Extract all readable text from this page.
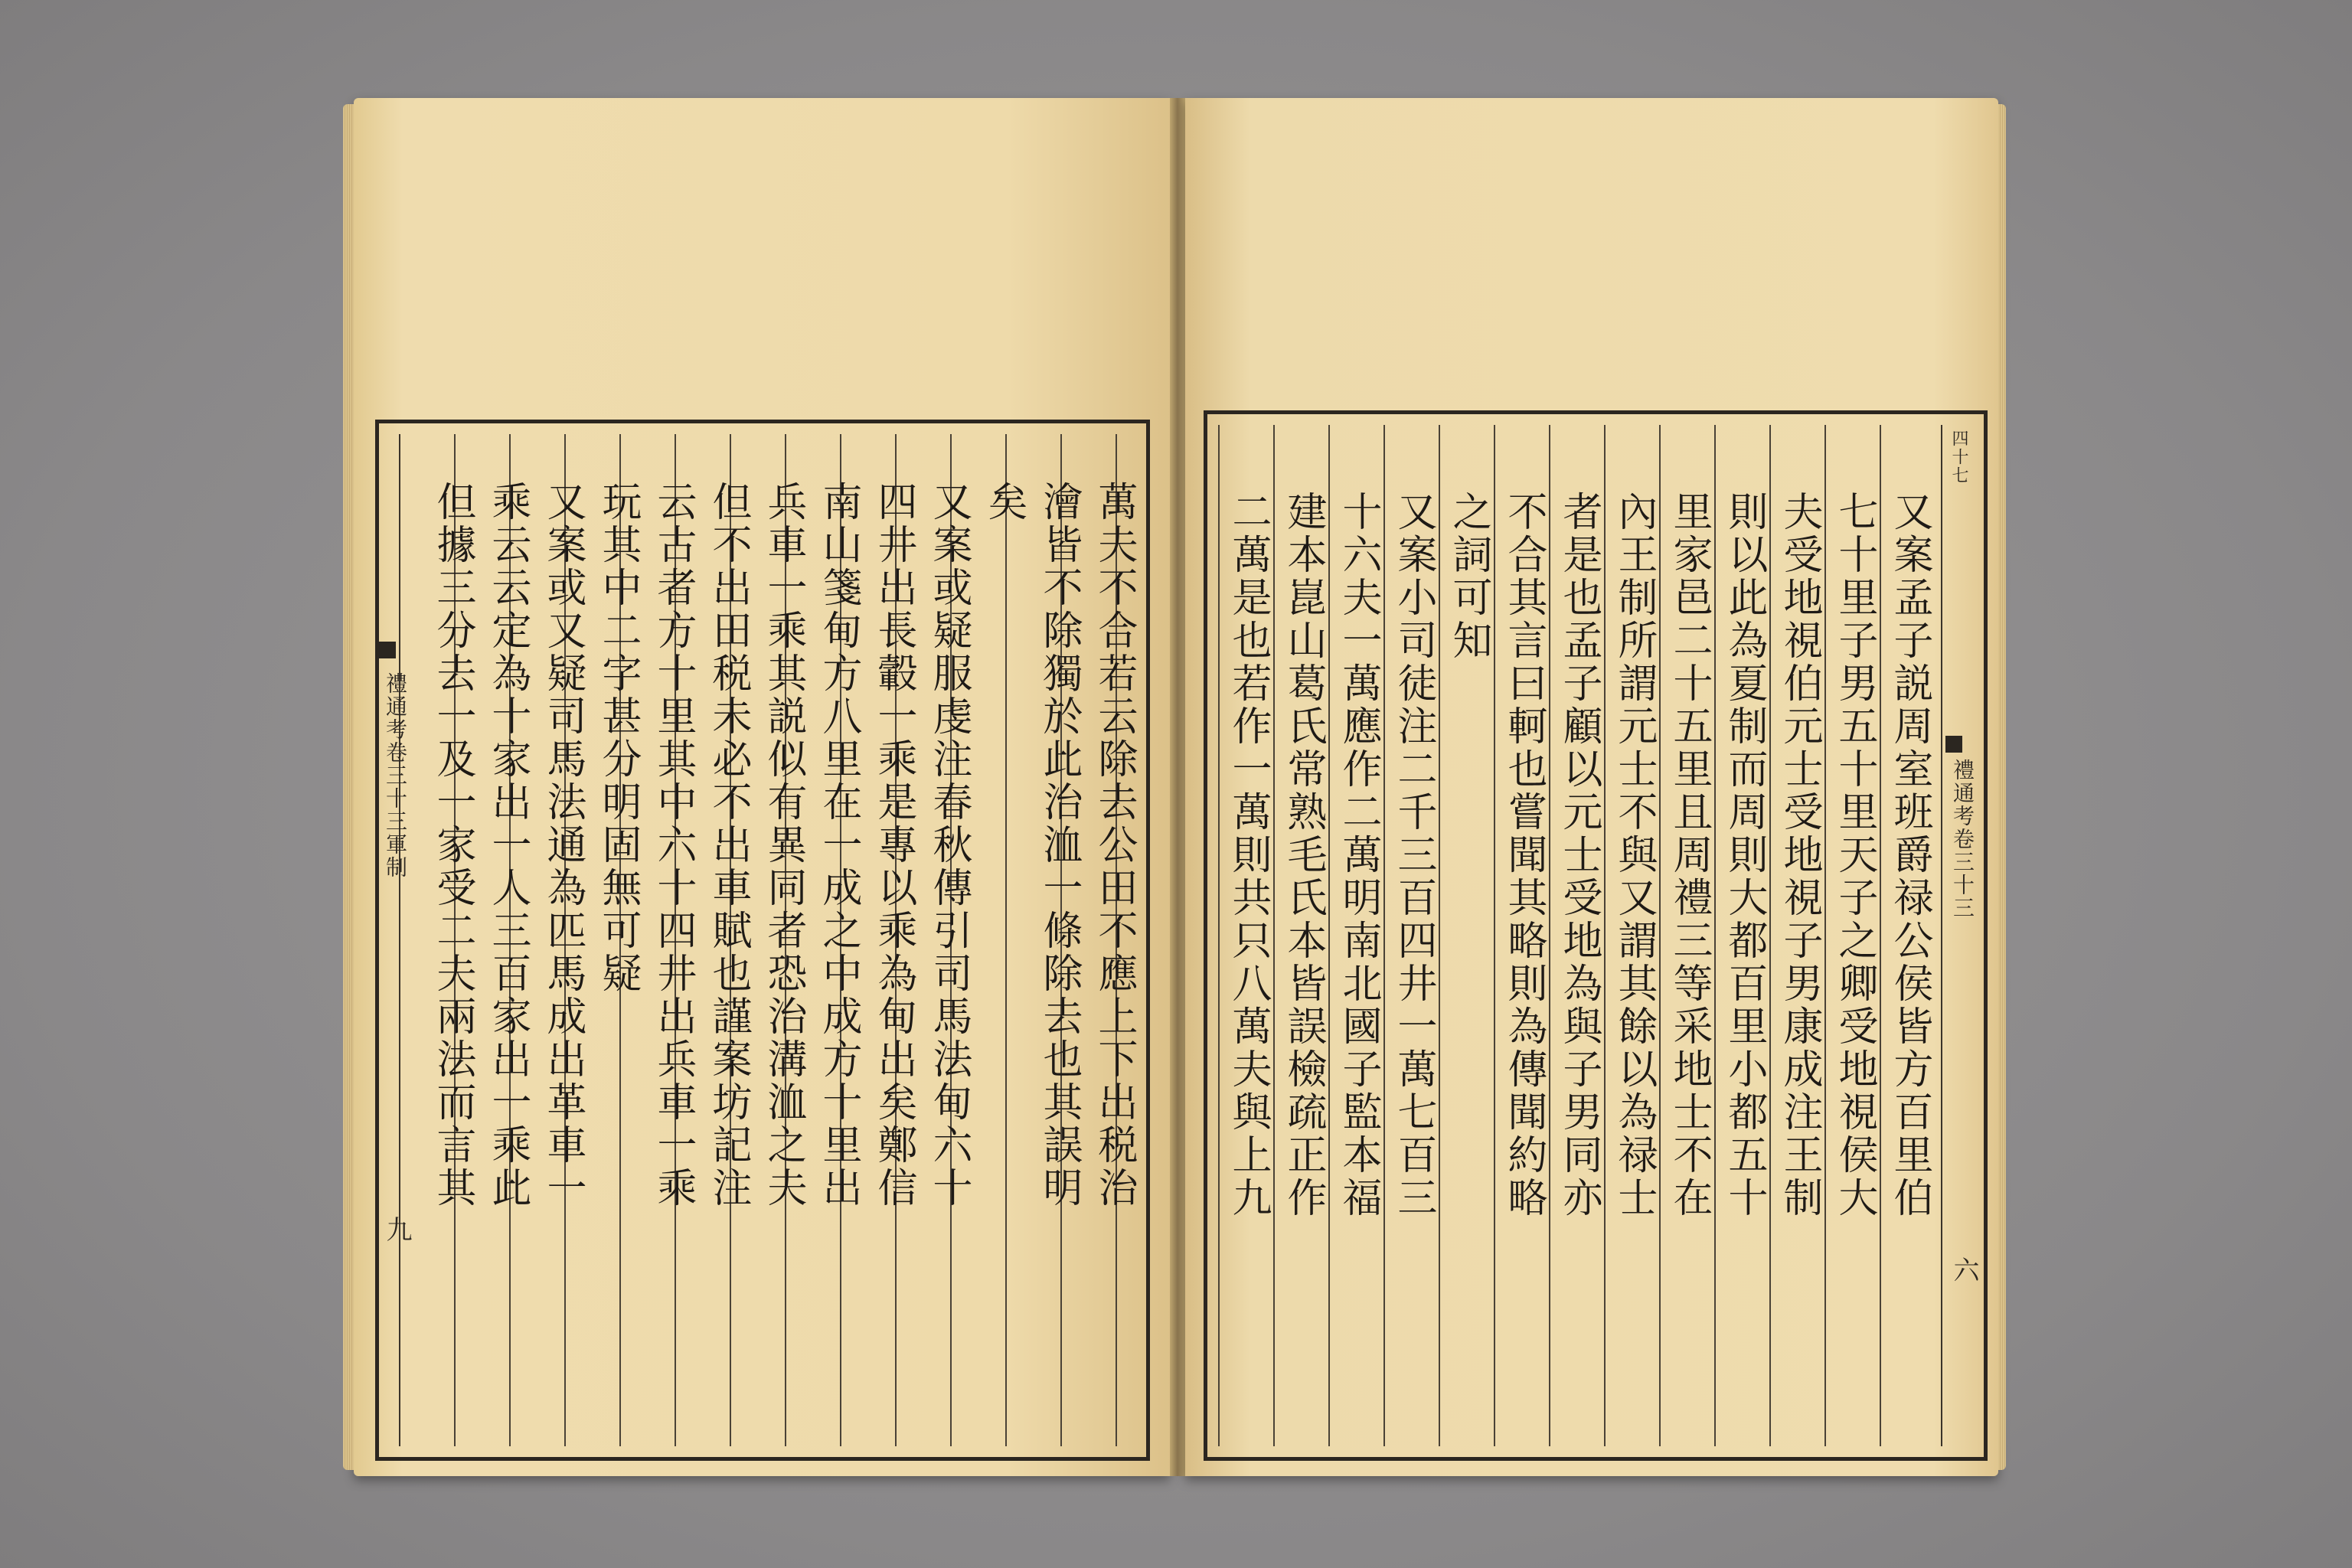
禮通考卷三十三軍制
九
萬夫不合若云除去公田不應上下出税治
澮皆不除獨於此治洫一條除去也其誤明
矣
又案或疑服虔注春秋傳引司馬法甸六十
四井出長轂一乘是專以乘為甸出矣鄭信
南山箋甸方八里在一成之中成方十里出
兵車一乘其説似有異同者恐治溝洫之夫
但不出田税未必不出車賦也謹案坊記注
云古者方十里其中六十四井出兵車一乘
玩其中二字甚分明固無可疑
又案或又疑司馬法通為匹馬成出革車一
乘云云定為十家出一人三百家出一乘此
但據三分去一及一家受二夫兩法而言其	禮通考卷三十三
四十七
六
又案孟子説周室班爵禄公侯皆方百里伯
七十里子男五十里天子之卿受地視侯大
夫受地視伯元士受地視子男康成注王制
則以此為夏制而周則大都百里小都五十
里家邑二十五里且周禮三等采地士不在
內王制所謂元士不與又謂其餘以為禄士
者是也孟子顧以元士受地為與子男同亦
不合其言曰軻也嘗聞其略則為傳聞約略
之詞可知
又案小司徒注二千三百四井一萬七百三
十六夫一萬應作二萬明南北國子監本福
建本崑山葛氏常熟毛氏本皆誤檢疏正作
二萬是也若作一萬則共只八萬夫與上九
